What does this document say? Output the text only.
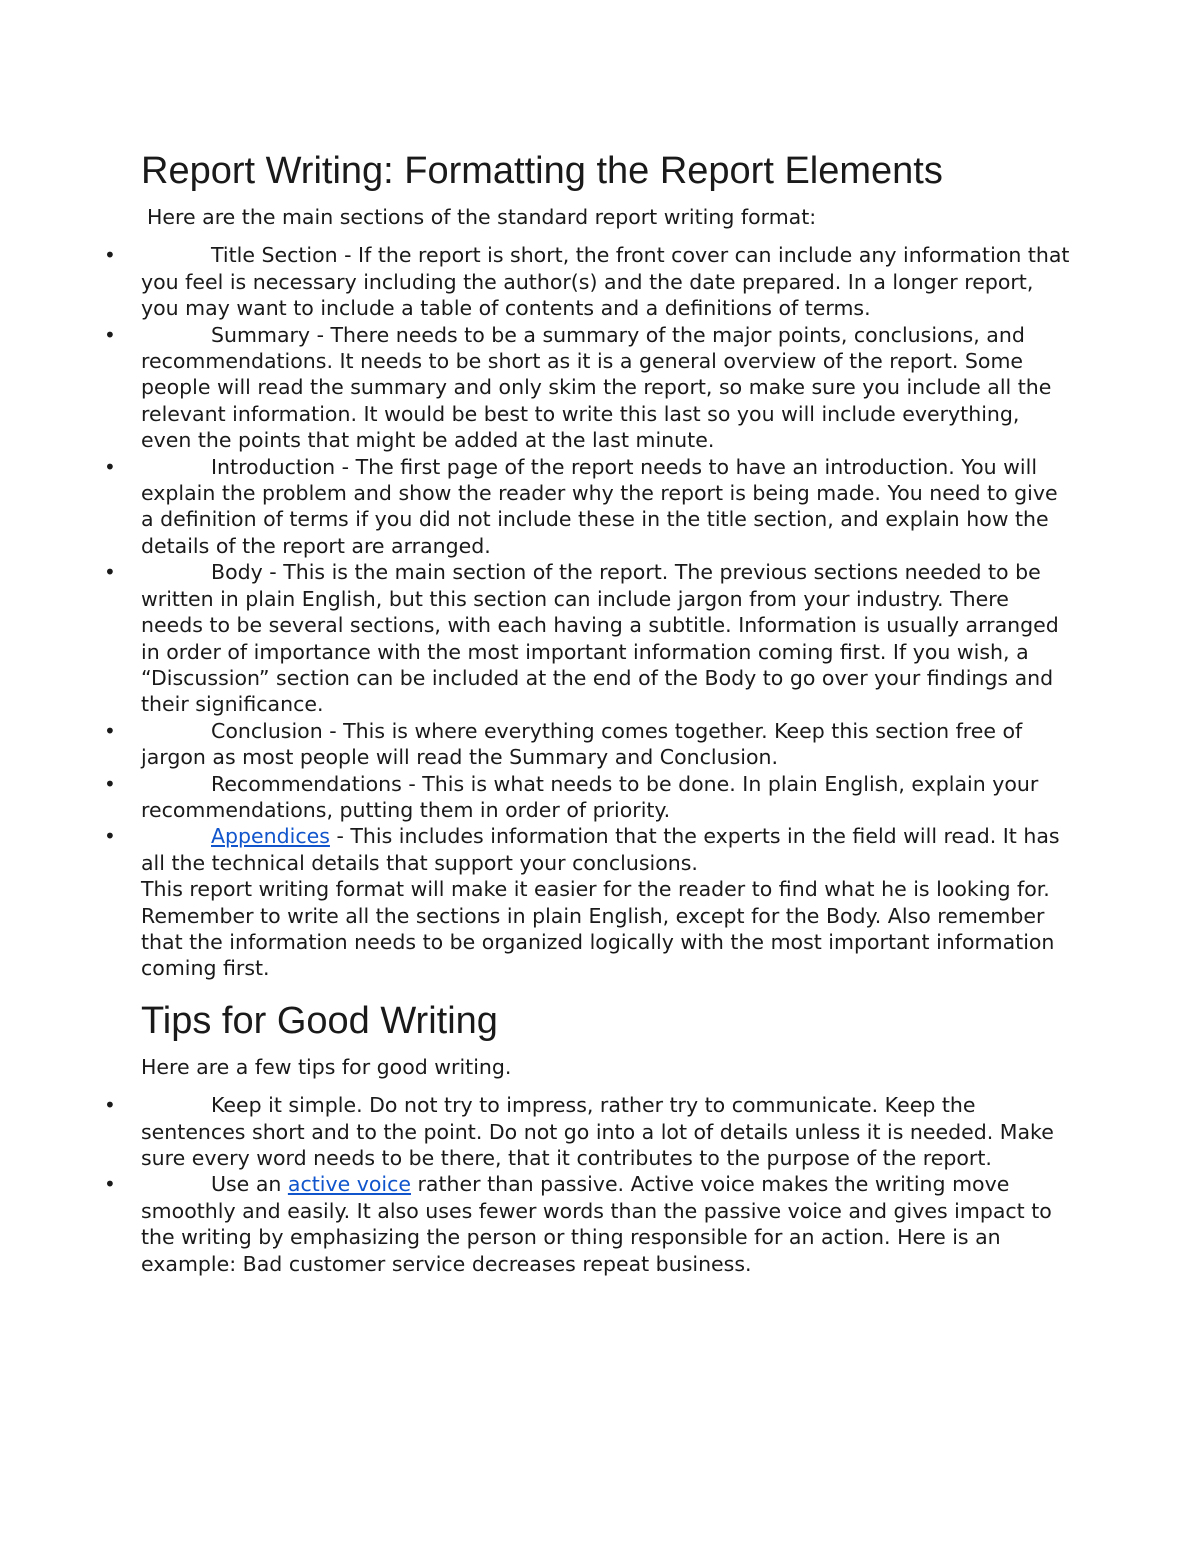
Report Writing: Formatting the Report Elements

Here are the main sections of the standard report writing format:

•	Title Section - If the report is short, the front cover can include any information that you feel is necessary including the author(s) and the date prepared. In a longer report, you may want to include a table of contents and a definitions of terms.
•	Summary - There needs to be a summary of the major points, conclusions, and recommendations. It needs to be short as it is a general overview of the report. Some people will read the summary and only skim the report, so make sure you include all the relevant information. It would be best to write this last so you will include everything, even the points that might be added at the last minute.
•	Introduction - The first page of the report needs to have an introduction. You will explain the problem and show the reader why the report is being made. You need to give a definition of terms if you did not include these in the title section, and explain how the details of the report are arranged.
•	Body - This is the main section of the report. The previous sections needed to be written in plain English, but this section can include jargon from your industry. There needs to be several sections, with each having a subtitle. Information is usually arranged in order of importance with the most important information coming first. If you wish, a “Discussion” section can be included at the end of the Body to go over your findings and their significance.
•	Conclusion - This is where everything comes together. Keep this section free of jargon as most people will read the Summary and Conclusion.
•	Recommendations - This is what needs to be done. In plain English, explain your recommendations, putting them in order of priority.
•	Appendices - This includes information that the experts in the field will read. It has all the technical details that support your conclusions.

This report writing format will make it easier for the reader to find what he is looking for. Remember to write all the sections in plain English, except for the Body. Also remember that the information needs to be organized logically with the most important information coming first.

Tips for Good Writing

Here are a few tips for good writing.

•	Keep it simple. Do not try to impress, rather try to communicate. Keep the sentences short and to the point. Do not go into a lot of details unless it is needed. Make sure every word needs to be there, that it contributes to the purpose of the report.
•	Use an active voice rather than passive. Active voice makes the writing move smoothly and easily. It also uses fewer words than the passive voice and gives impact to the writing by emphasizing the person or thing responsible for an action. Here is an example: Bad customer service decreases repeat business.
